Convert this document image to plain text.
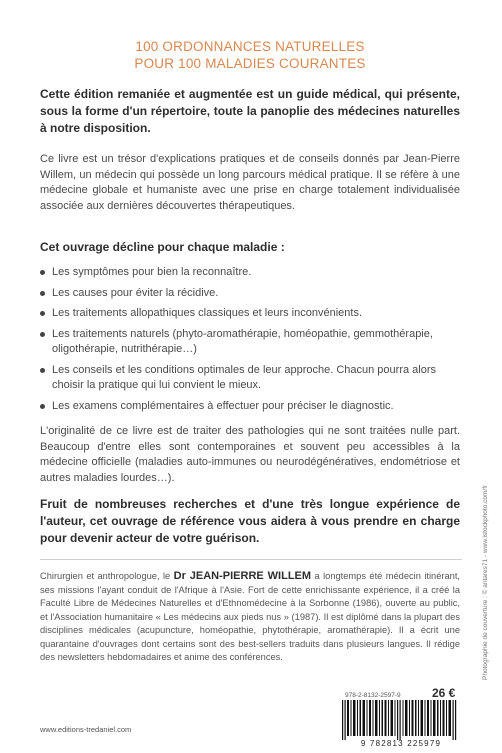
100 ORDONNANCES NATURELLES
POUR 100 MALADIES COURANTES
Cette édition remaniée et augmentée est un guide médical, qui présente, sous la forme d'un répertoire, toute la panoplie des médecines naturelles à notre disposition.
Ce livre est un trésor d'explications pratiques et de conseils donnés par Jean-Pierre Willem, un médecin qui possède un long parcours médical pratique. Il se réfère à une médecine globale et humaniste avec une prise en charge totalement individualisée associée aux dernières découvertes thérapeutiques.
Cet ouvrage décline pour chaque maladie :
Les symptômes pour bien la reconnaître.
Les causes pour éviter la récidive.
Les traitements allopathiques classiques et leurs inconvénients.
Les traitements naturels (phyto-aromathérapie, homéopathie, gemmothérapie, oligothérapie, nutrithérapie…)
Les conseils et les conditions optimales de leur approche. Chacun pourra alors choisir la pratique qui lui convient le mieux.
Les examens complémentaires à effectuer pour préciser le diagnostic.
L'originalité de ce livre est de traiter des pathologies qui ne sont traitées nulle part. Beaucoup d'entre elles sont contemporaines et souvent peu accessibles à la médecine officielle (maladies auto-immunes ou neurodégénératives, endométriose et autres maladies lourdes…).
Fruit de nombreuses recherches et d'une très longue expérience de l'auteur, cet ouvrage de référence vous aidera à vous prendre en charge pour devenir acteur de votre guérison.
Chirurgien et anthropologue, le Dr JEAN-PIERRE WILLEM a longtemps été médecin itinérant, ses missions l'ayant conduit de l'Afrique à l'Asie. Fort de cette enrichissante expérience, il a créé la Faculté Libre de Médecines Naturelles et d'Ethnomédecine à la Sorbonne (1986), ouverte au public, et l'Association humanitaire « Les médecins aux pieds nus » (1987). Il est diplômé dans la plupart des disciplines médicales (acupuncture, homéopathie, phytothérapie, aromathérapie). Il a écrit une quarantaine d'ouvrages dont certains sont des best-sellers traduits dans plusieurs langues. Il rédige des newsletters hebdomadaires et anime des conférences.
978-2-8132-2597-9	26 €
www.editions-tredaniel.com
9 782813 225979
Photographie de couverture : © antares71 - www.istockphoto.com/fr
